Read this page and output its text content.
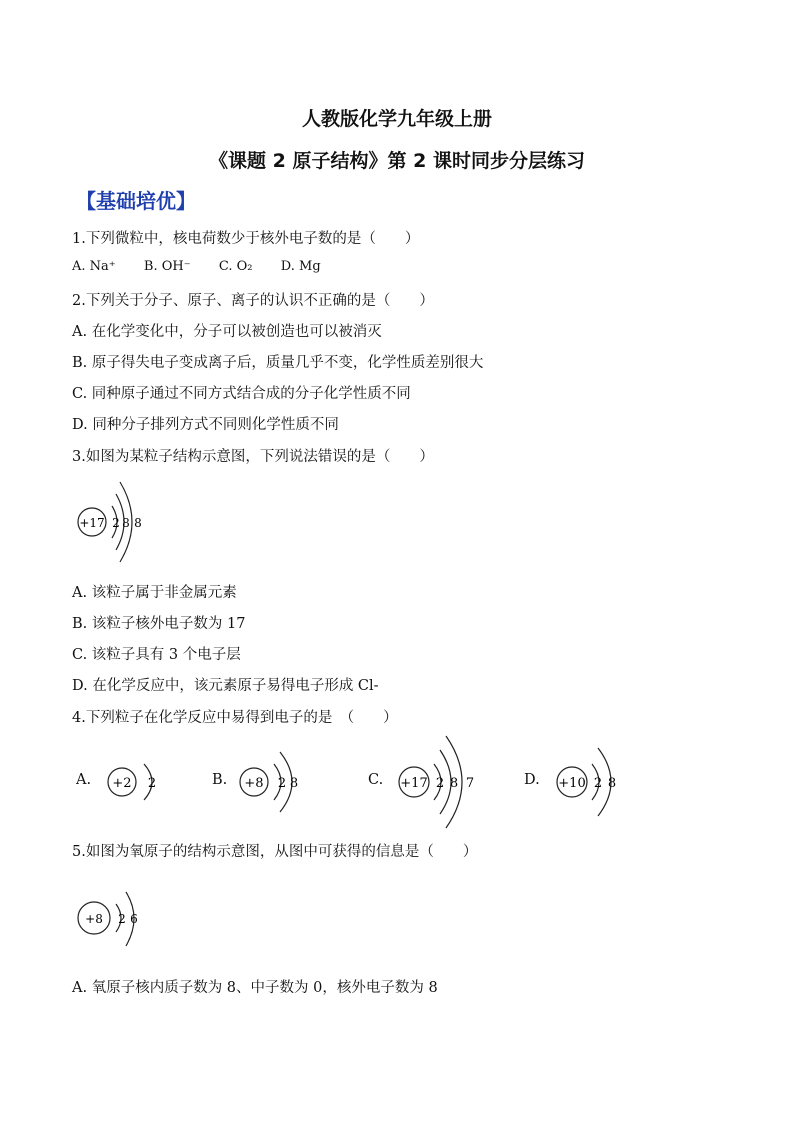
人教版化学九年级上册
《课题 2 原子结构》第 2 课时同步分层练习
【基础培优】
1.下列微粒中，核电荷数少于核外电子数的是（　　）
A. Na⁺ B. OH⁻ C. O₂ D. Mg
2.下列关于分子、原子、离子的认识不正确的是（　　）
A. 在化学变化中，分子可以被创造也可以被消灭
B. 原子得失电子变成离子后，质量几乎不变，化学性质差别很大
C. 同种原子通过不同方式结合成的分子化学性质不同
D. 同种分子排列方式不同则化学性质不同
3.如图为某粒子结构示意图，下列说法错误的是（　　）
+17 2 8 8
A. 该粒子属于非金属元素
B. 该粒子核外电子数为 17
C. 该粒子具有 3 个电子层
D. 在化学反应中，该元素原子易得电子形成 Cl-
4.下列粒子在化学反应中易得到电子的是　（　　）
A. +2 2	B. +8 2 8	C. +17 2 8 7	D. +10 2 8
5.如图为氧原子的结构示意图，从图中可获得的信息是（　　）
+8 2 6
A. 氧原子核内质子数为 8、中子数为 0，核外电子数为 8
